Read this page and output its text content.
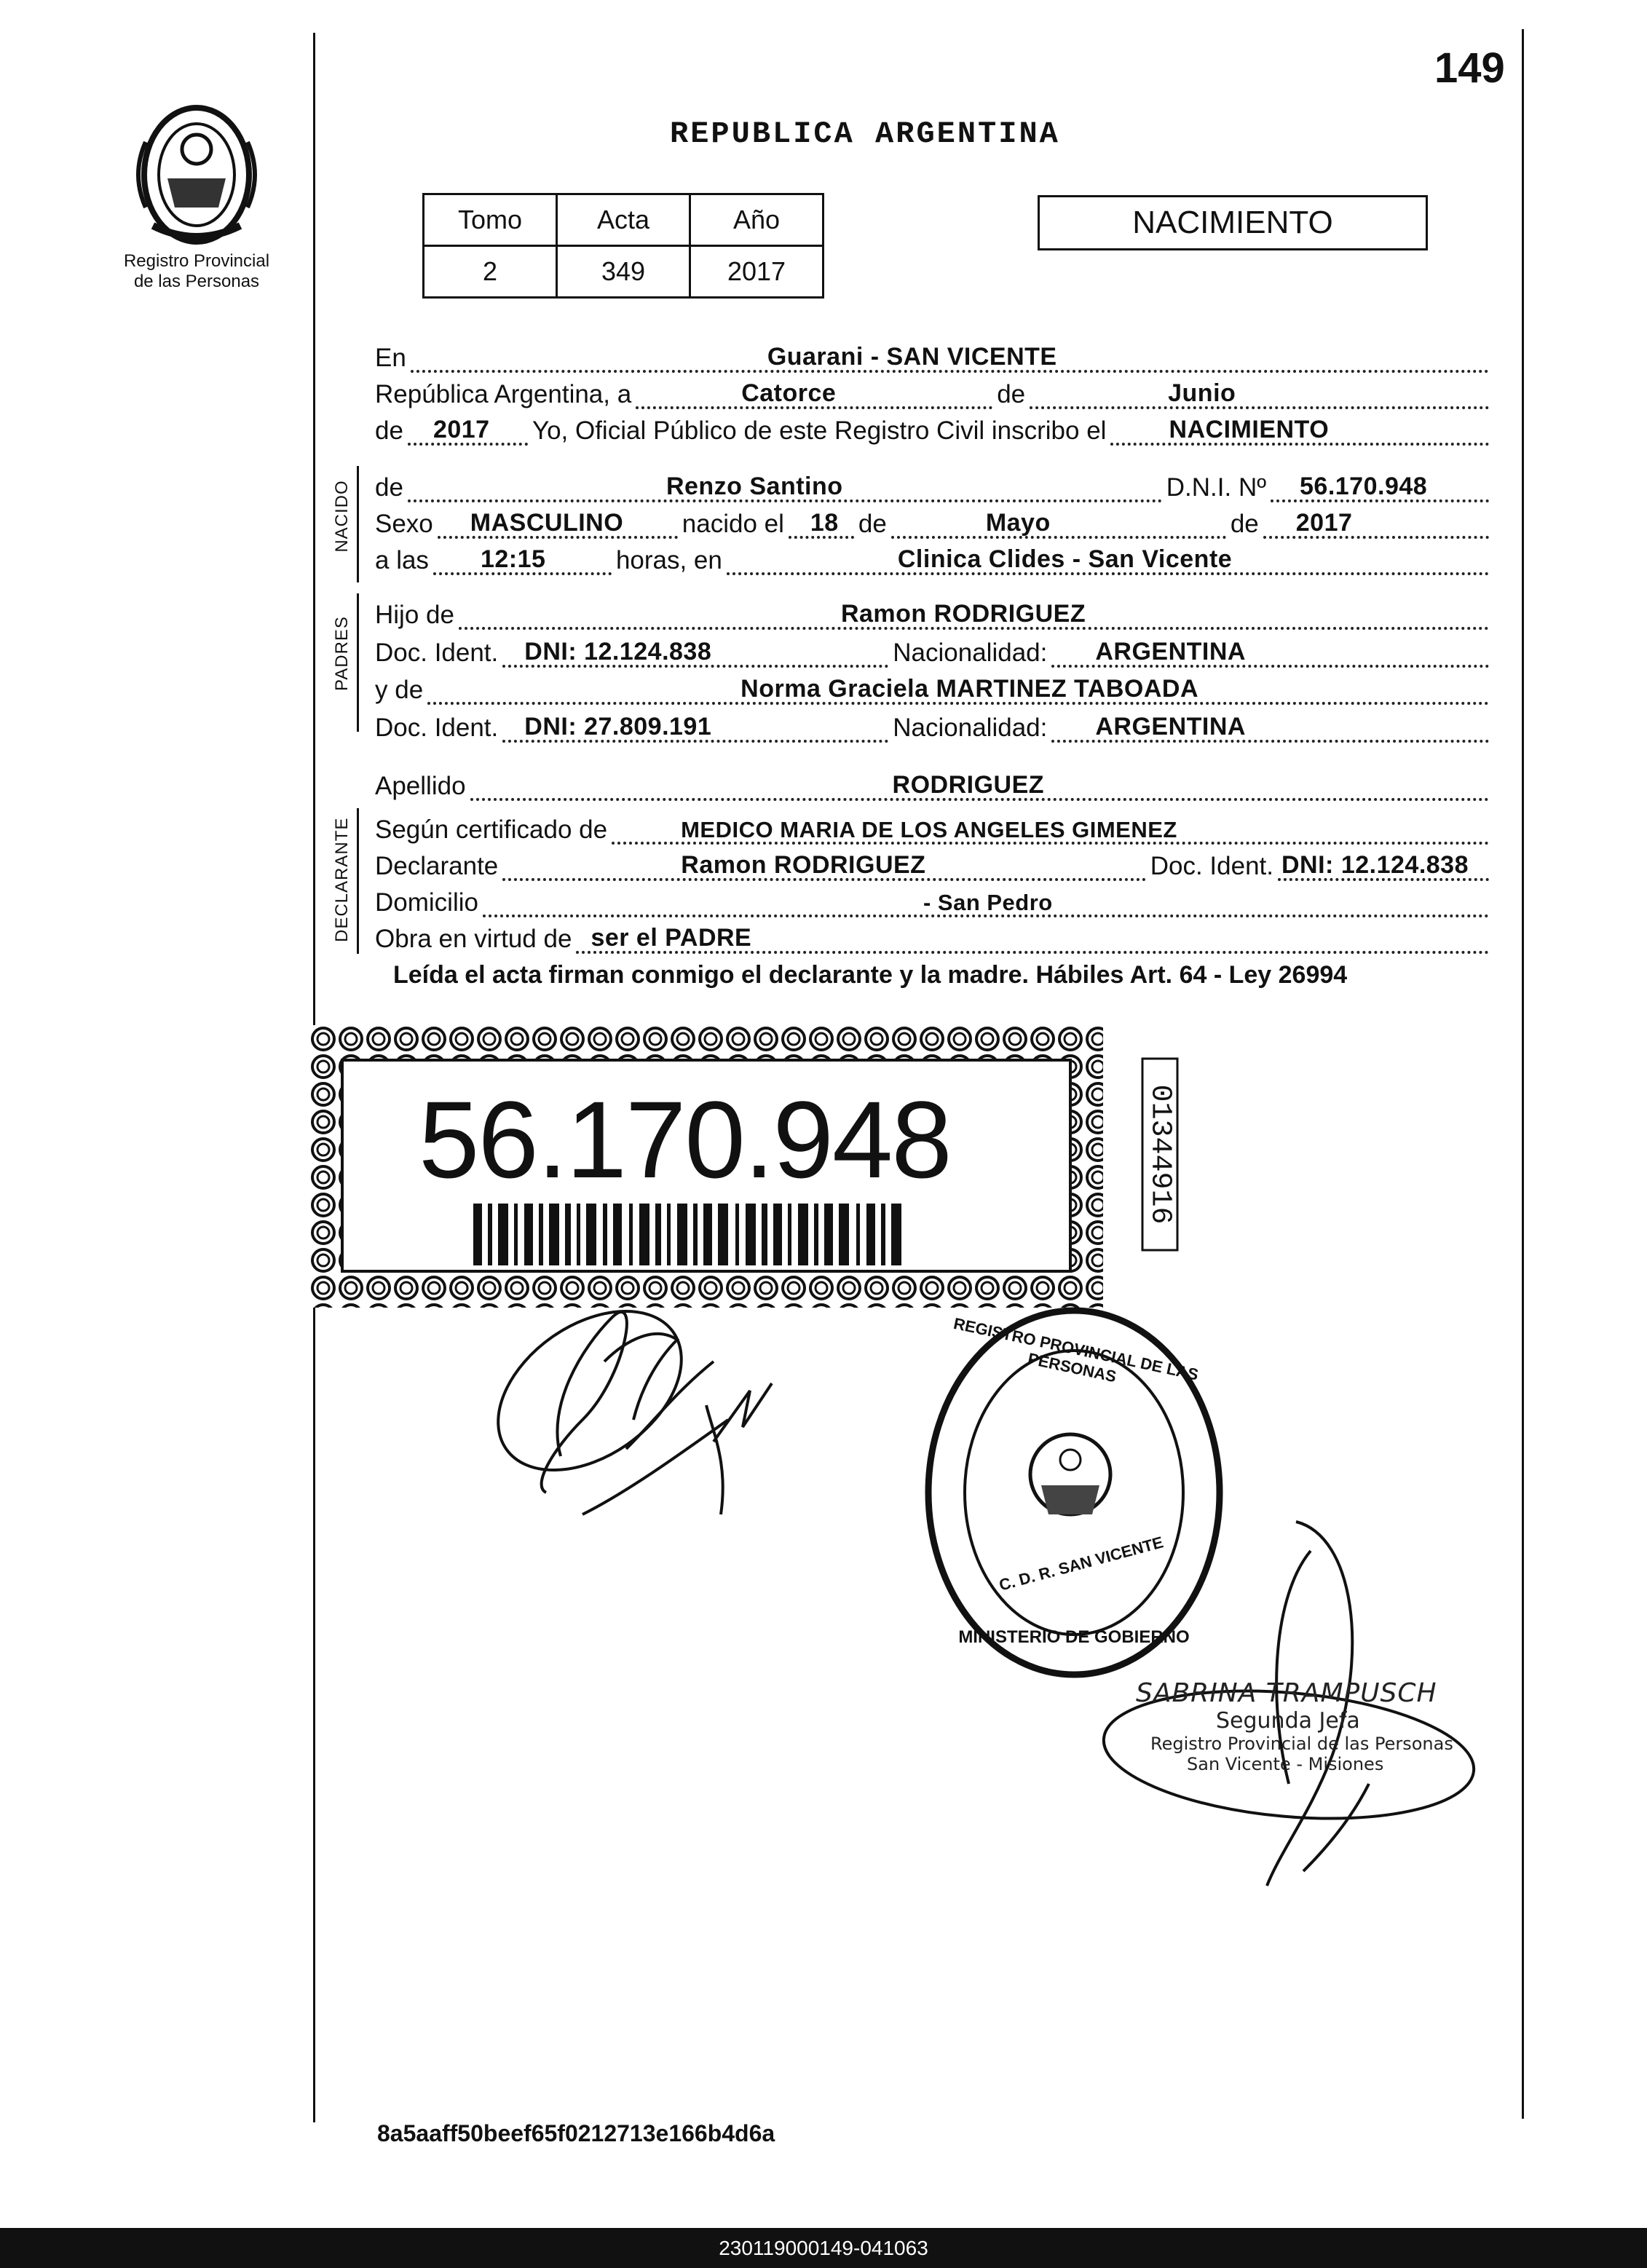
149
Registro Provincial
de las Personas
REPUBLICA ARGENTINA
Tomo	Acta	Año
2	349	2017
NACIMIENTO
En	Guarani - SAN VICENTE
República Argentina, a	Catorce	de	Junio
de 2017 Yo, Oficial Público de este Registro Civil inscribo el	NACIMIENTO
NACIDO de	Renzo Santino	D.N.I. Nº 56.170.948
Sexo MASCULINO nacido el 18 de	Mayo	de 2017
a las 12:15	horas, en	Clinica Clides - San Vicente
PADRES
Hijo de	Ramon RODRIGUEZ
Doc. Ident. DNI: 12.124.838	Nacionalidad: ARGENTINA
y de	Norma Graciela MARTINEZ TABOADA
Doc. Ident. DNI: 27.809.191	Nacionalidad: ARGENTINA
Apellido	RODRIGUEZ
DECLARANTE Según certificado de	MEDICO MARIA DE LOS ANGELES GIMENEZ
Declarante	Ramon RODRIGUEZ	Doc. Ident. DNI: 12.124.838
Domicilio	- San Pedro
Obra en virtud de ser el PADRE
Leída el acta firman conmigo el declarante y la madre. Hábiles Art. 64 - Ley 26994
56.170.948	01344916
REGISTRO PROVINCIAL DE LAS PERSONAS
C. D. R. SAN VICENTE
MINISTERIO DE GOBIERNO
SABRINA TRAMPUSCH
Segunda Jefa
Registro Provincial de las Personas
San Vicente - Misiones
8a5aaff50beef65f0212713e166b4d6a
230119000149-041063
